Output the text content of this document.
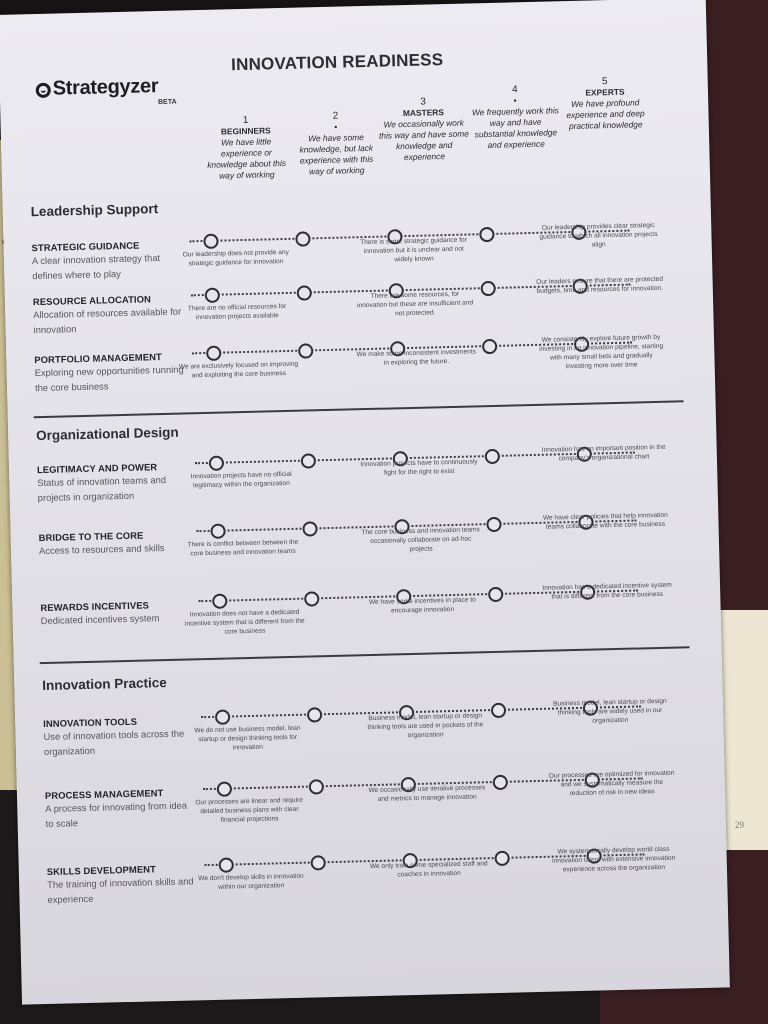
29
Strategyzer
BETA
INNOVATION READINESS
1
BEGINNERS
We have little experience or knowledge about this way of working
2
•
We have some knowledge, but lack experience with this way of working
3
MASTERS
We occasionally work this way and have some knowledge and experience
4
•
We frequently work this way and have substantial knowledge and experience
5
EXPERTS
We have profound experience and deep practical knowledge
Leadership Support
STRATEGIC GUIDANCE
A clear innovation strategy that defines where to play
Our leadership does not provide any strategic guidance for innovation
There is some strategic guidance for innovation but it is unclear and not widely known
Our leadership provides clear strategic guidance to which all innovation projects align
RESOURCE ALLOCATION
Allocation of resources available for innovation
There are no official resources for innovation projects available
There are some resources, for innovation but these are insufficient and not protected.
Our leaders ensure that there are protected budgets, time and resources for innovation.
PORTFOLIO MANAGEMENT
Exploring new opportunities running the core business
We are exclusively focused on improving and exploiting the core business
We make some inconsistent investments in exploring the future.
We consistently explore future growth by investing in an innovation pipeline, starting with many small bets and gradually investing more over time
Organizational Design
LEGITIMACY AND POWER
Status of innovation teams and projects in organization
Innovation projects have no official legitimacy within the organization
Innovation projects have to continuously fight for the right to exist
Innovation has an important position in the company's organizational chart
BRIDGE TO THE CORE
Access to resources and skills	There is conflict between between the core business and innovation teams
The core business and innovation teams occasionally collaborate on ad-hoc projects
We have clear policies that help innovation teams collaborate with the core business
REWARDS INCENTIVES
Dedicated incentives system	Innovation does not have a dedicated incentive system that is different from the core business
We have some incentives in place to encourage innovation
Innovation has a dedicated incentive system that is different from the core business
Innovation Practice
INNOVATION TOOLS
Use of innovation tools across the organization
We do not use business model, lean startup or design thinking tools for innovation
Business model, lean startup or design thinking tools are used in pockets of the organization
Business model, lean startup or design thinking tools are widely used in our organization
PROCESS MANAGEMENT
A process for innovating from idea to scale
Our processes are linear and require detailed business plans with clear financial projections
We occasionally use iterative processes and metrics to manage innovation
Our processes are optimized for innovation and we systematically measure the reduction of risk in new ideas
SKILLS DEVELOPMENT
The training of innovation skills and experience
We don't develop skills in innovation within our organization
We only train some specialized staff and coaches in innovation
We systematically develop world class innovation talent with extensive innovation experience across the organization
